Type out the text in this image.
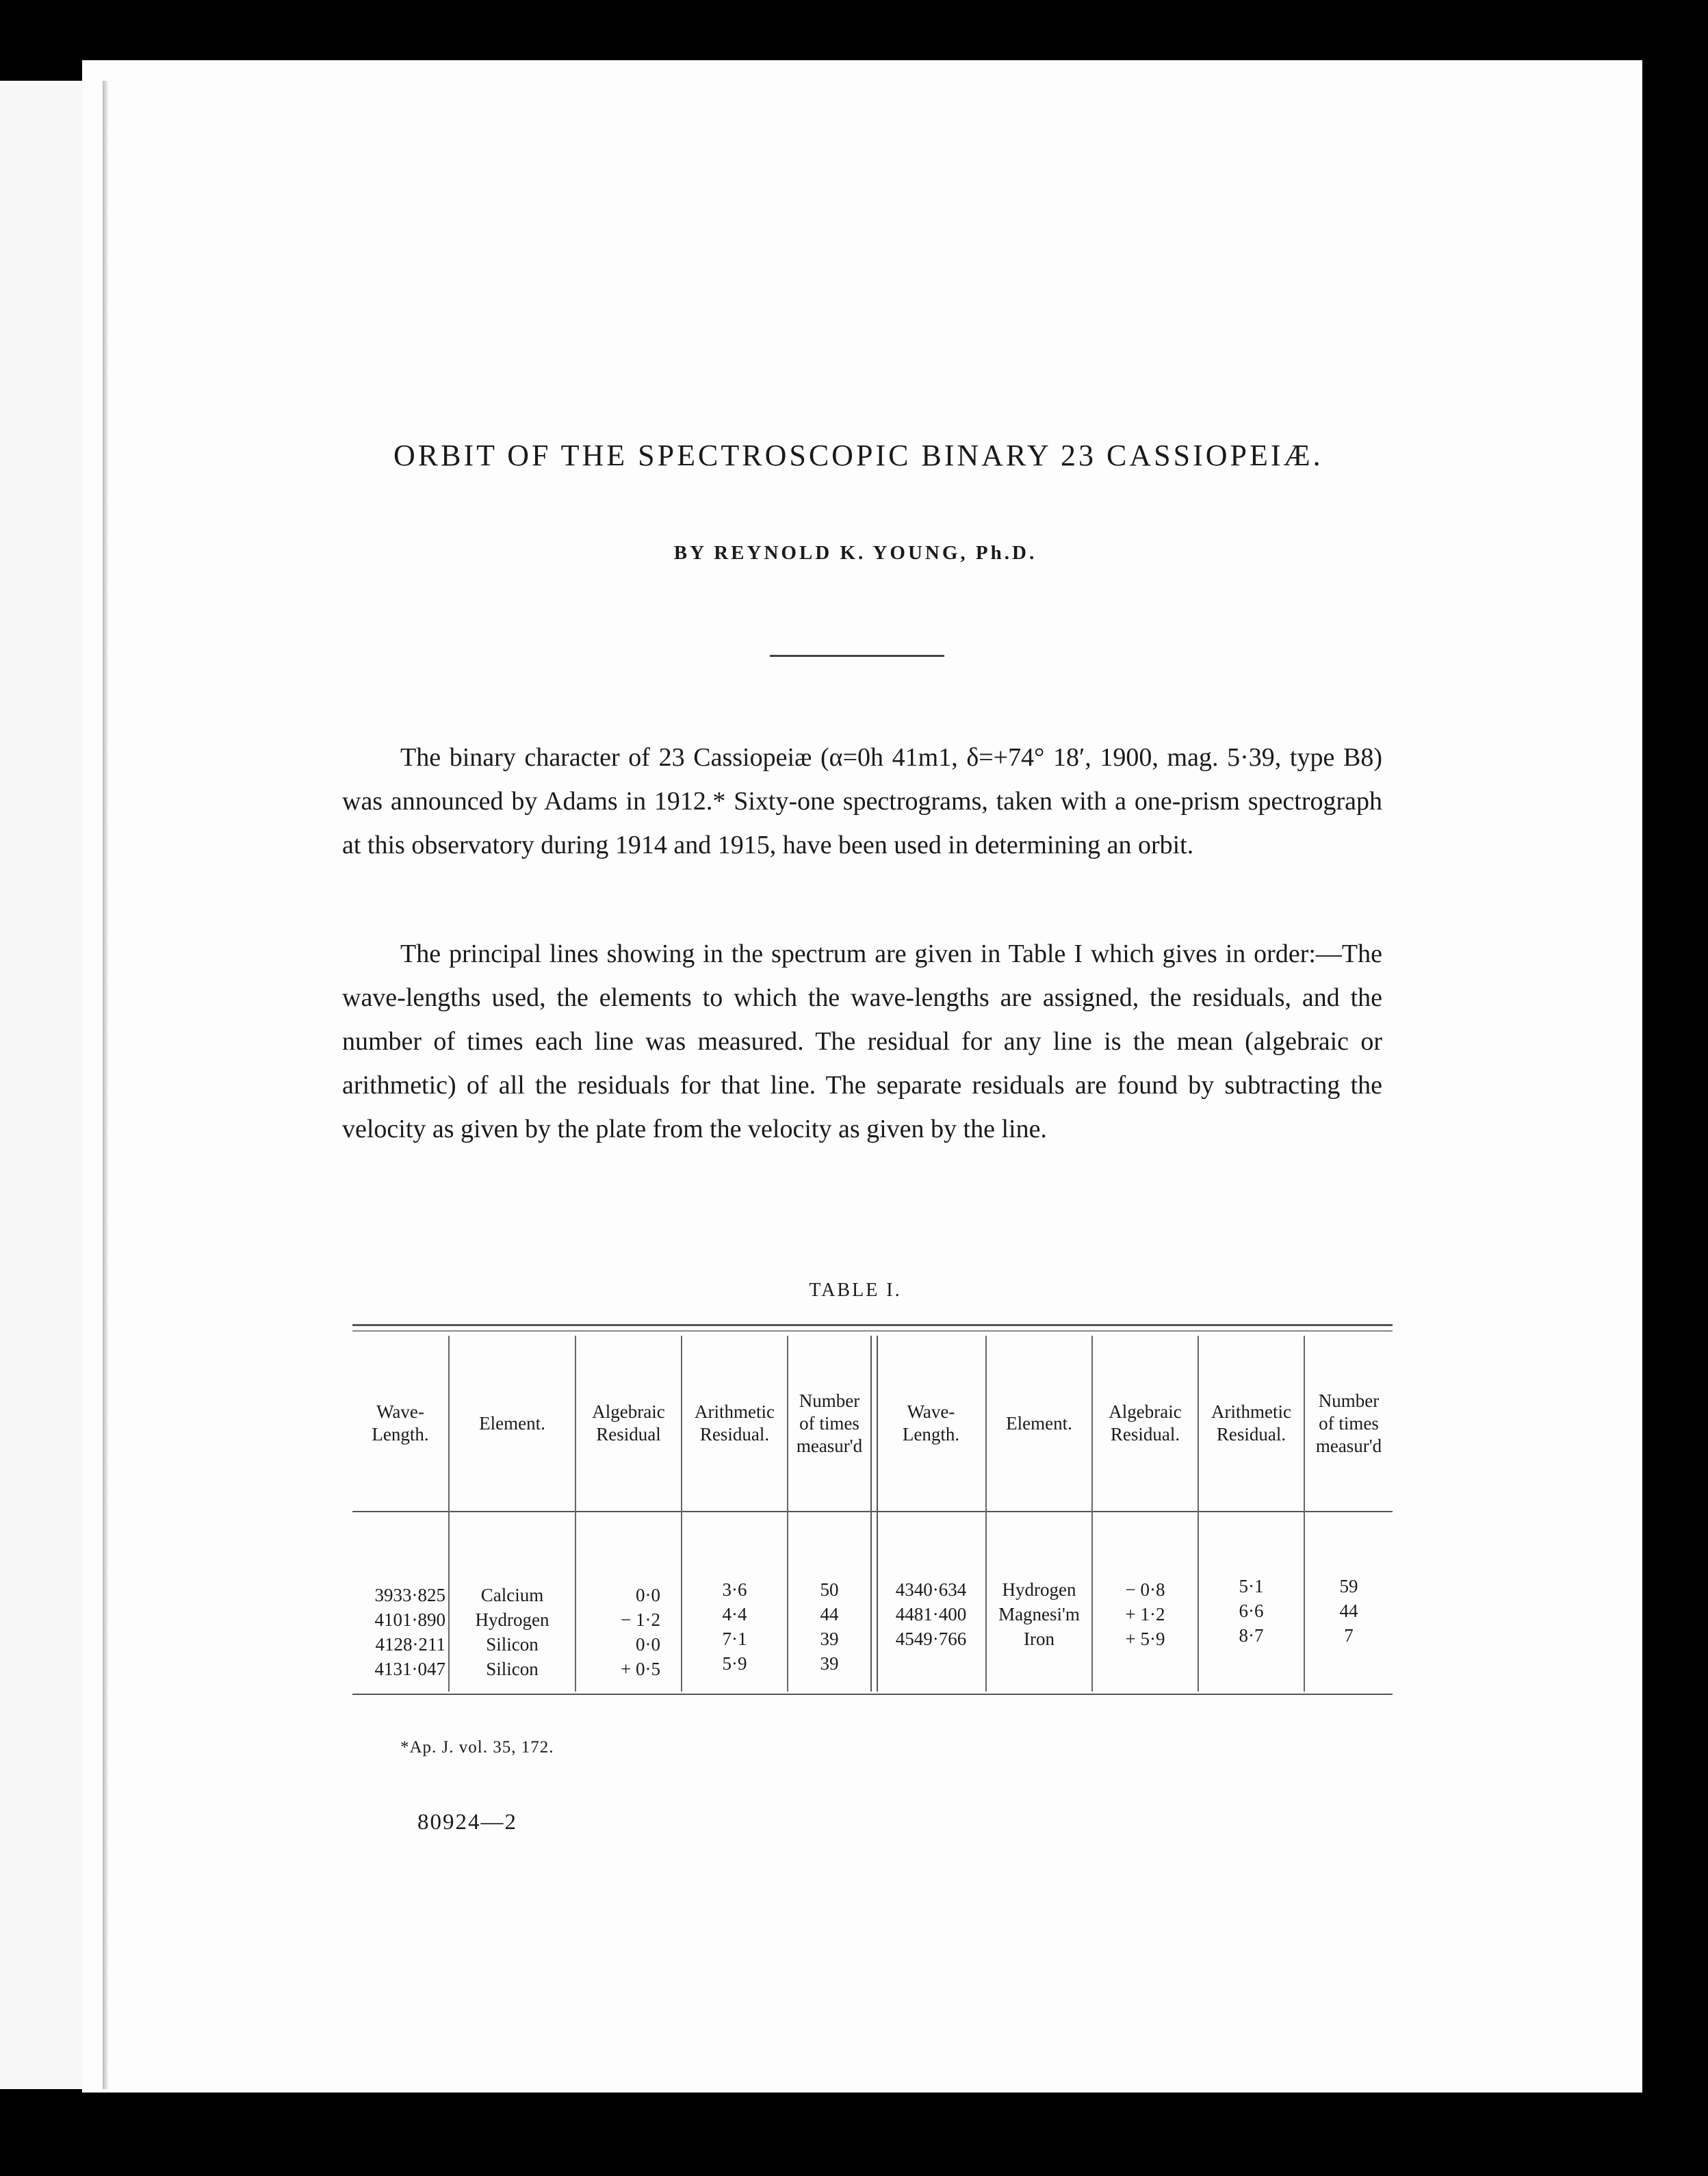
ORBIT OF THE SPECTROSCOPIC BINARY 23 CASSIOPEIÆ.
BY REYNOLD K. YOUNG, Ph.D.

The binary character of 23 Cassiopeiæ (α=0h 41m1, δ=+74° 18′, 1900, mag. 5·39, type B8) was announced by Adams in 1912.* Sixty-one spectrograms, taken with a one-prism spectrograph at this observatory during 1914 and 1915, have been used in determining an orbit.

The principal lines showing in the spectrum are given in Table I which gives in order:—The wave-lengths used, the elements to which the wave-lengths are assigned, the residuals, and the number of times each line was measured. The residual for any line is the mean (algebraic or arithmetic) of all the residuals for that line. The separate residuals are found by subtracting the velocity as given by the plate from the velocity as given by the line.

TABLE I.
Wave-
Length.
Element.
Algebraic
Residual
Arithmetic
Residual.
Number
of times
measur'd
Wave-
Length.
Element.
Algebraic
Residual.
Arithmetic
Residual.
Number
of times
measur'd
3933·825
4101·890
4128·211
4131·047
Calcium
Hydrogen
Silicon
Silicon
0·0
− 1·2
0·0
+ 0·5
3·6
4·4
7·1
5·9
50
44
39
39
4340·634
4481·400
4549·766
Hydrogen
Magnesi'm
Iron
− 0·8
+ 1·2
+ 5·9
5·1
6·6
8·7
59
44
7
*Ap. J. vol. 35, 172.
80924—2
